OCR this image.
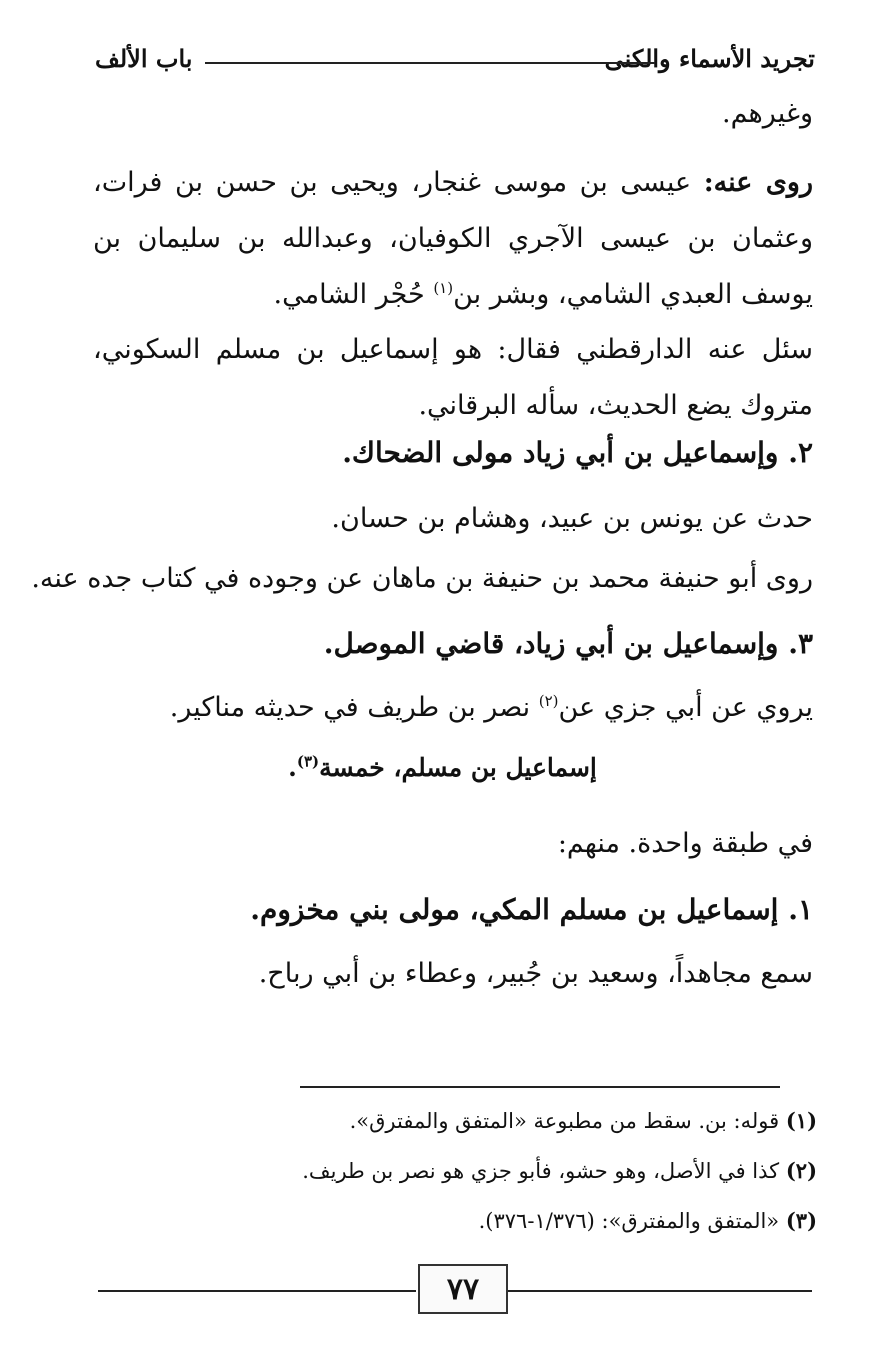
تجريد الأسماء والكنى
باب الألف
وغيرهم.
روى عنه: عيسى بن موسى غنجار، ويحيى بن حسن بن فرات، وعثمان بن عيسى الآجري الكوفيان، وعبدالله بن سليمان بن يوسف العبدي الشامي، وبشر بن$^{(١)}$ حُجْر الشامي.
سئل عنه الدارقطني فقال: هو إسماعيل بن مسلم السكوني، متروك يضع الحديث، سأله البرقاني.
٢. وإسماعيل بن أبي زياد مولى الضحاك.
حدث عن يونس بن عبيد، وهشام بن حسان.
روى أبو حنيفة محمد بن حنيفة بن ماهان عن وجوده في كتاب جده عنه.
٣. وإسماعيل بن أبي زياد، قاضي الموصل.
يروي عن أبي جزي عن$^{(٢)}$ نصر بن طريف في حديثه مناكير.
إسماعيل بن مسلم، خمسة$^{(٣)}$.
في طبقة واحدة. منهم:
١. إسماعيل بن مسلم المكي، مولى بني مخزوم.
سمع مجاهداً، وسعيد بن جُبير، وعطاء بن أبي رباح.
(١) قوله: بن. سقط من مطبوعة «المتفق والمفترق».
(٢) كذا في الأصل، وهو حشو، فأبو جزي هو نصر بن طريف.
(٣) «المتفق والمفترق»: (١/٣٧٦-٣٧٦).
٧٧
